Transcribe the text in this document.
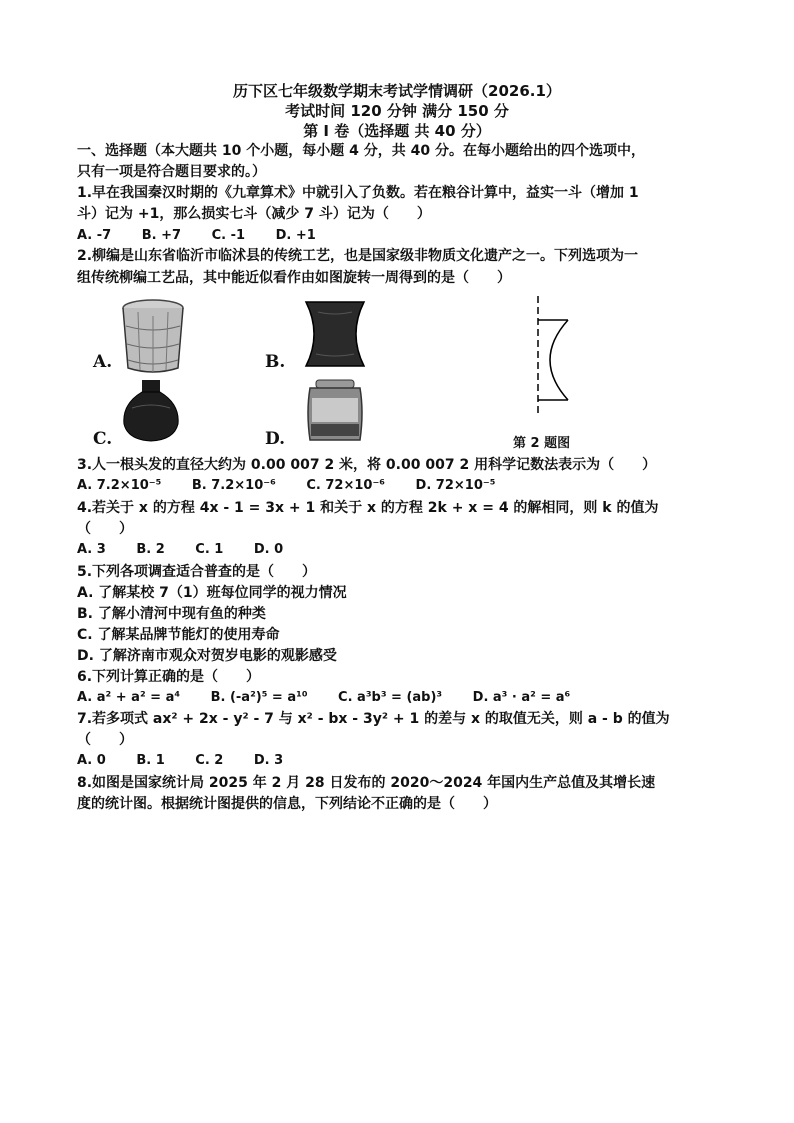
历下区七年级数学期末考试学情调研（2026.1）
考试时间 120 分钟 满分 150 分
第 Ⅰ 卷（选择题 共 40 分）
一、选择题（本大题共 10 个小题，每小题 4 分，共 40 分。在每小题给出的四个选项中，
只有一项是符合题目要求的。）
1.早在我国秦汉时期的《九章算术》中就引入了负数。若在粮谷计算中，益实一斗（增加 1
斗）记为 +1，那么损实七斗（减少 7 斗）记为（　　）
A. -7 B. +7 C. -1 D. +1
2.柳编是山东省临沂市临沭县的传统工艺，也是国家级非物质文化遗产之一。下列选项为一
组传统柳编工艺品，其中能近似看作由如图旋转一周得到的是（　　）
A.	B.
C.	D.	第 2 题图
3.人一根头发的直径大约为 0.00 007 2 米，将 0.00 007 2 用科学记数法表示为（　　）
A. 7.2×10⁻⁵ B. 7.2×10⁻⁶ C. 72×10⁻⁶ D. 72×10⁻⁵
4.若关于 x 的方程 4x - 1 = 3x + 1 和关于 x 的方程 2k + x = 4 的解相同，则 k 的值为
（　　）
A. 3 B. 2 C. 1 D. 0
5.下列各项调查适合普查的是（　　）
A. 了解某校 7（1）班每位同学的视力情况
B. 了解小清河中现有鱼的种类
C. 了解某品牌节能灯的使用寿命
D. 了解济南市观众对贺岁电影的观影感受
6.下列计算正确的是（　　）
A. a² + a² = a⁴ B. (-a²)⁵ = a¹⁰ C. a³b³ = (ab)³ D. a³ · a² = a⁶
7.若多项式 ax² + 2x - y² - 7 与 x² - bx - 3y² + 1 的差与 x 的取值无关，则 a - b 的值为
（　　）
A. 0 B. 1 C. 2 D. 3
8.如图是国家统计局 2025 年 2 月 28 日发布的 2020～2024 年国内生产总值及其增长速
度的统计图。根据统计图提供的信息，下列结论不正确的是（　　）
